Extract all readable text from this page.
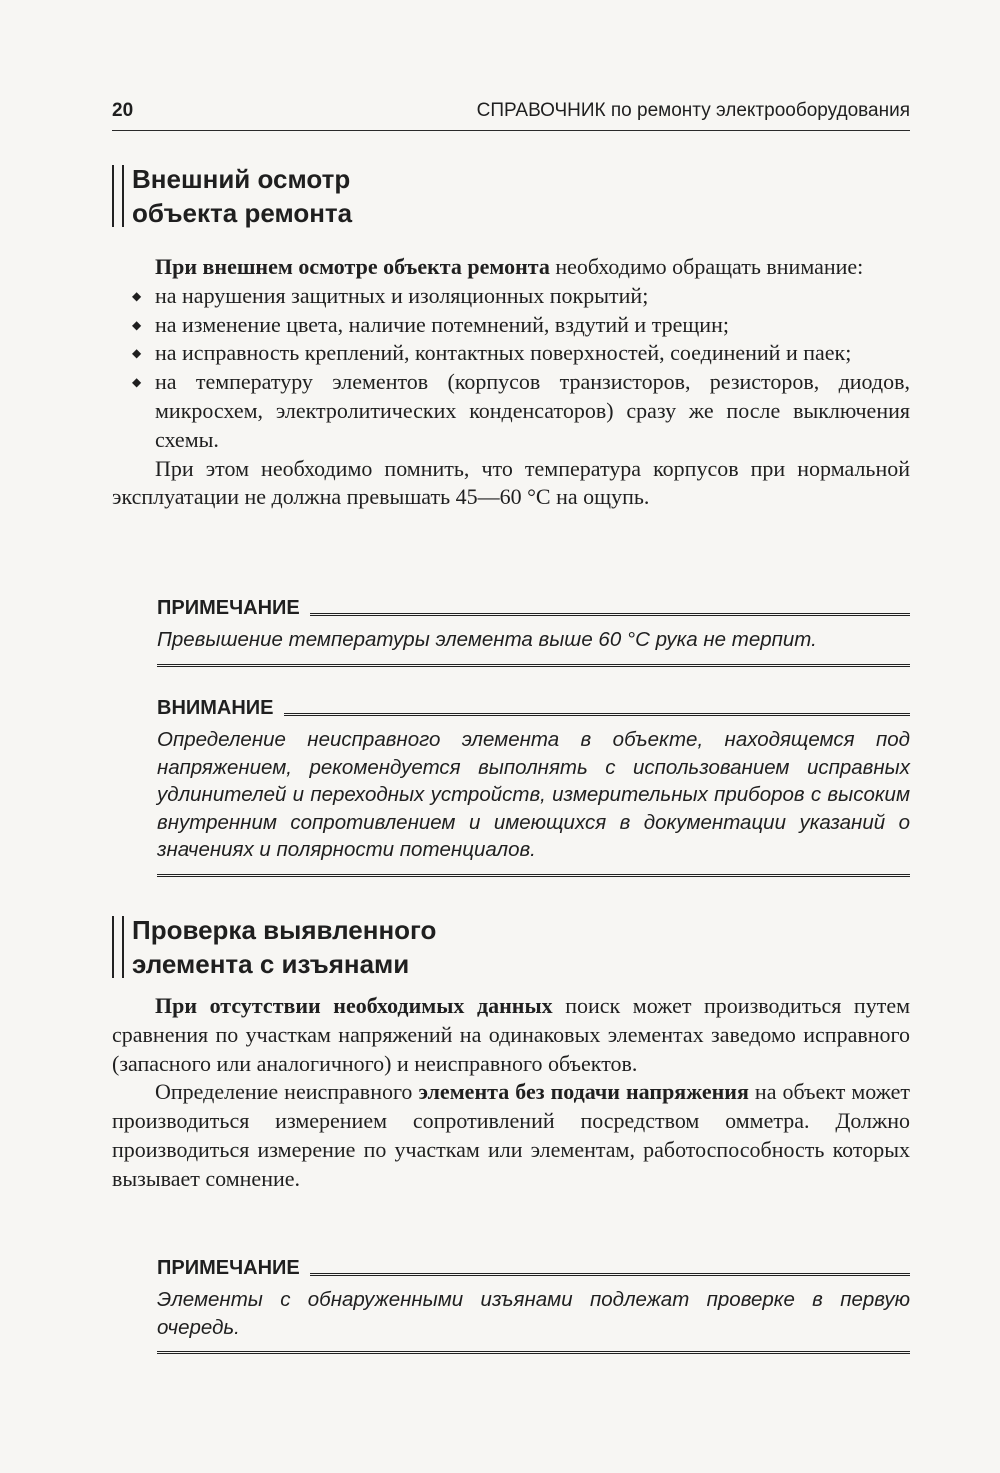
20	СПРАВОЧНИК по ремонту электрооборудования
Внешний осмотр
объекта ремонта

При внешнем осмотре объекта ремонта необходимо обращать внимание:

◆ на нарушения защитных и изоляционных покрытий;
◆ на изменение цвета, наличие потемнений, вздутий и трещин;
◆ на исправность креплений, контактных поверхностей, соединений и паек;
◆ на температуру элементов (корпусов транзисторов, резисторов, диодов, микросхем, электролитических конденсаторов) сразу же после выключения схемы.

При этом необходимо помнить, что температура корпусов при нормальной эксплуатации не должна превышать 45—60 °С на ощупь.

ПРИМЕЧАНИЕ
Превышение температуры элемента выше 60 °С рука не терпит.
ВНИМАНИЕ
Определение неисправного элемента в объекте, находящемся под напряжением, рекомендуется выполнять с использованием исправных удлинителей и переходных устройств, измерительных приборов с высоким внутренним сопротивлением и имеющихся в документации указаний о значениях и полярности потенциалов.
Проверка выявленного
элемента с изъянами

При отсутствии необходимых данных поиск может производиться путем сравнения по участкам напряжений на одинаковых элементах заведомо исправного (запасного или аналогичного) и неисправного объектов.

Определение неисправного элемента без подачи напряжения на объект может производиться измерением сопротивлений посредством омметра. Должно производиться измерение по участкам или элементам, работоспособность которых вызывает сомнение.

ПРИМЕЧАНИЕ
Элементы с обнаруженными изъянами подлежат проверке в первую очередь.
